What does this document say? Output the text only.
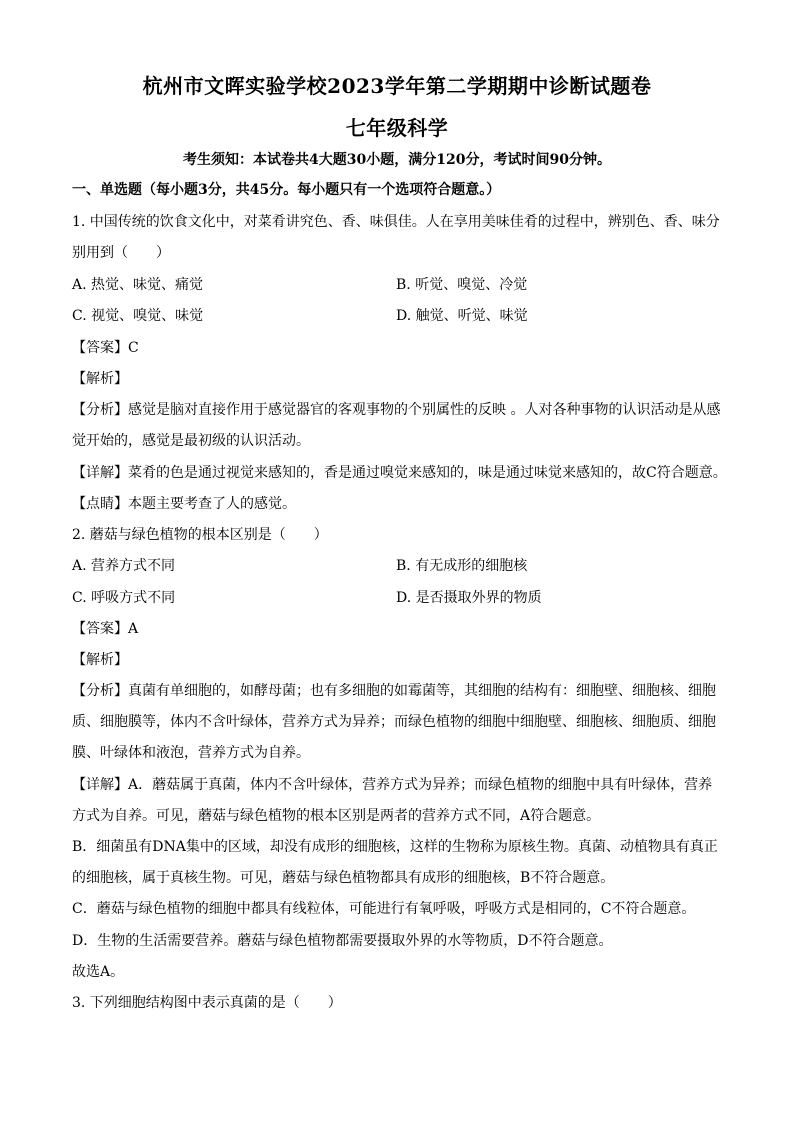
杭州市文晖实验学校2023学年第二学期期中诊断试题卷
七年级科学
考生须知：本试卷共4大题30小题，满分120分，考试时间90分钟。
一、单选题（每小题3分，共45分。每小题只有一个选项符合题意。）
1. 中国传统的饮食文化中，对菜肴讲究色、香、味俱佳。人在享用美味佳肴的过程中，辨别色、香、味分
别用到（　　）
A. 热觉、味觉、痛觉	B. 听觉、嗅觉、冷觉
C. 视觉、嗅觉、味觉	D. 触觉、听觉、味觉
【答案】C
【解析】
【分析】感觉是脑对直接作用于感觉器官的客观事物的个别属性的反映 。人对各种事物的认识活动是从感
觉开始的，感觉是最初级的认识活动。
【详解】菜肴的色是通过视觉来感知的，香是通过嗅觉来感知的，味是通过味觉来感知的，故C符合题意。
【点睛】本题主要考查了人的感觉。
2. 蘑菇与绿色植物的根本区别是（　　）
A. 营养方式不同	B. 有无成形的细胞核
C. 呼吸方式不同	D. 是否摄取外界的物质
【答案】A
【解析】
【分析】真菌有单细胞的，如酵母菌；也有多细胞的如霉菌等，其细胞的结构有：细胞壁、细胞核、细胞
质、细胞膜等，体内不含叶绿体，营养方式为异养；而绿色植物的细胞中细胞壁、细胞核、细胞质、细胞
膜、叶绿体和液泡，营养方式为自养。
【详解】A．蘑菇属于真菌，体内不含叶绿体，营养方式为异养；而绿色植物的细胞中具有叶绿体，营养
方式为自养。可见，蘑菇与绿色植物的根本区别是两者的营养方式不同，A符合题意。
B．细菌虽有DNA集中的区域，却没有成形的细胞核，这样的生物称为原核生物。真菌、动植物具有真正
的细胞核，属于真核生物。可见，蘑菇与绿色植物都具有成形的细胞核，B不符合题意。
C．蘑菇与绿色植物的细胞中都具有线粒体，可能进行有氧呼吸，呼吸方式是相同的，C不符合题意。
D．生物的生活需要营养。蘑菇与绿色植物都需要摄取外界的水等物质，D不符合题意。
故选A。
3. 下列细胞结构图中表示真菌的是（　　）
